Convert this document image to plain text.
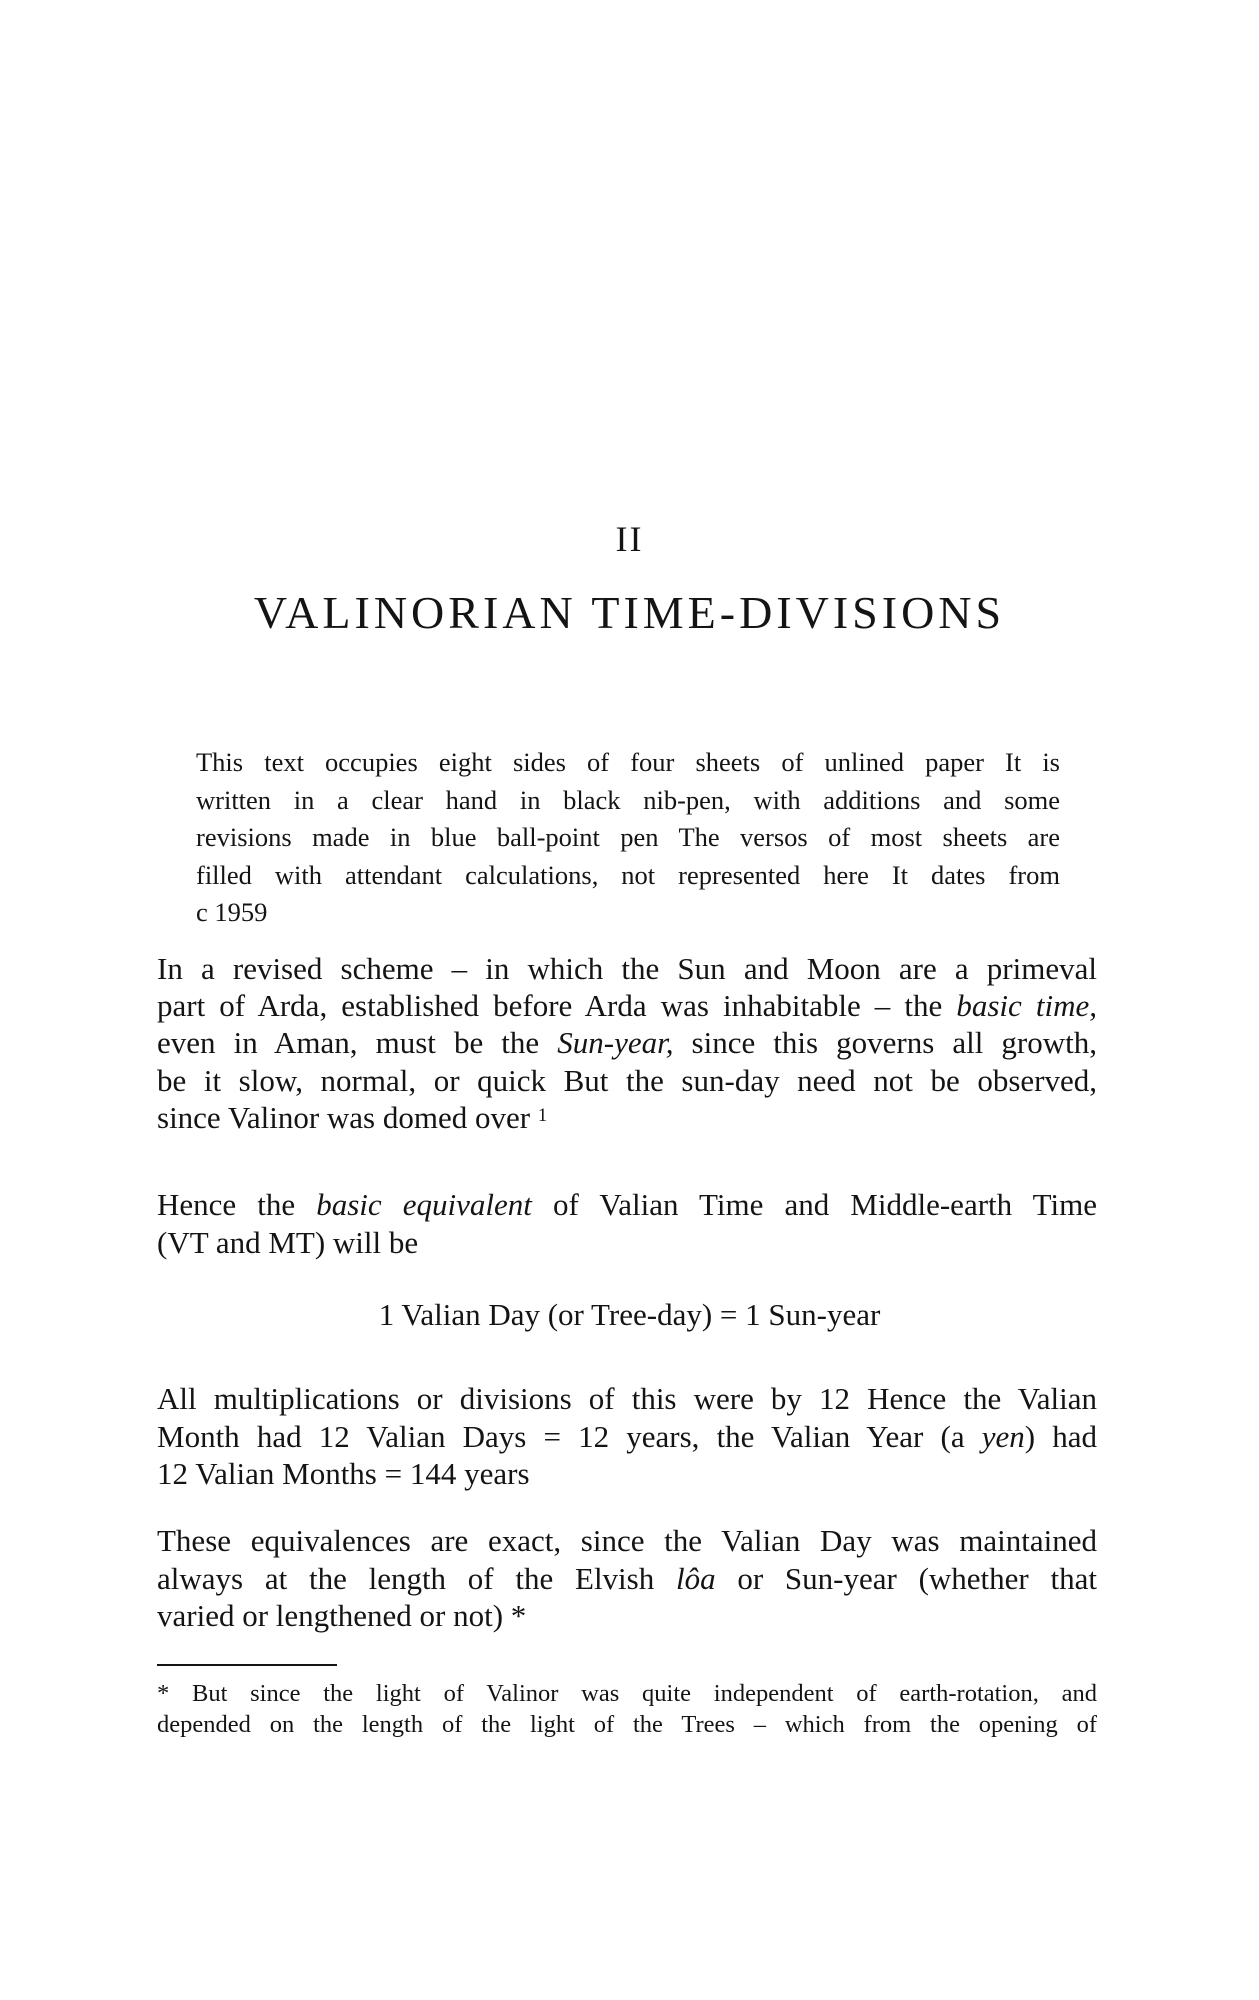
II
VALINORIAN TIME-DIVISIONS
This text occupies eight sides of four sheets of unlined paper It is
written in a clear hand in black nib-pen, with additions and some
revisions made in blue ball-point pen The versos of most sheets are
filled with attendant calculations, not represented here It dates from
c 1959
In a revised scheme – in which the Sun and Moon are a primeval
part of Arda, established before Arda was inhabitable – the basic time,
even in Aman, must be the Sun-year, since this governs all growth,
be it slow, normal, or quick But the sun-day need not be observed,
since Valinor was domed over $^1$
Hence the basic equivalent of Valian Time and Middle-earth Time
(VT and MT) will be
1 Valian Day (or Tree-day) = 1 Sun-year
All multiplications or divisions of this were by 12 Hence the Valian
Month had 12 Valian Days = 12 years, the Valian Year (a yen) had
12 Valian Months = 144 years
These equivalences are exact, since the Valian Day was maintained
always at the length of the Elvish lôa or Sun-year (whether that
varied or lengthened or not) *
* But since the light of Valinor was quite independent of earth-rotation, and
depended on the length of the light of the Trees – which from the opening of
